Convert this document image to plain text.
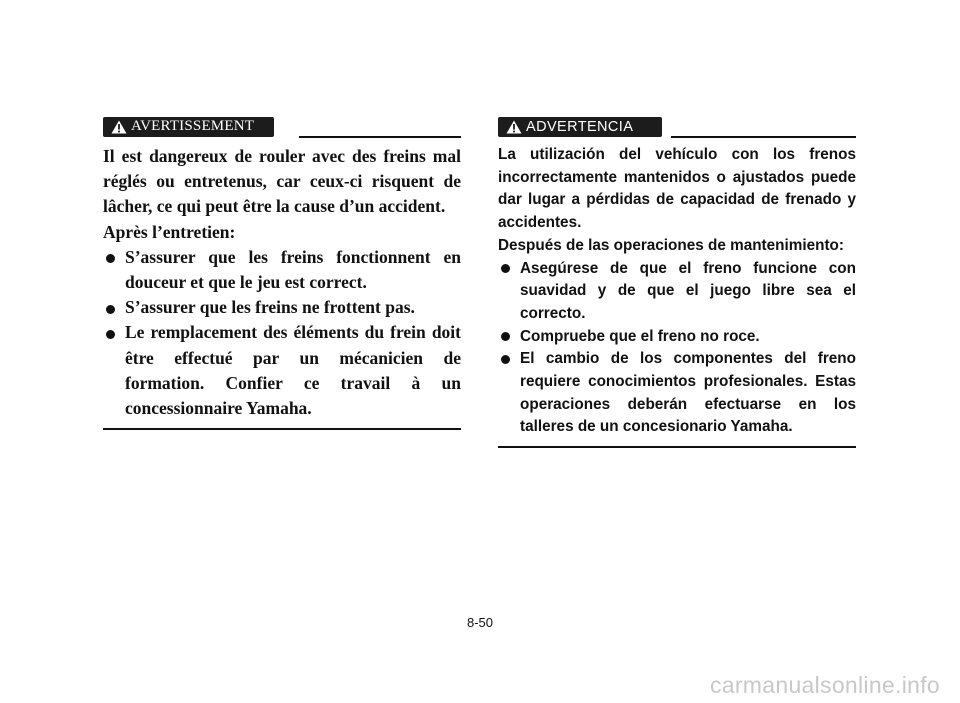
AVERTISSEMENT

Il est dangereux de rouler avec des freins mal réglés ou entretenus, car ceux-ci risquent de lâcher, ce qui peut être la cause d’un accident.

Après l’entretien:

S’assurer que les freins fonctionnent en douceur et que le jeu est correct.
S’assurer que les freins ne frottent pas.
Le remplacement des éléments du frein doit être effectué par un mécanicien de formation. Confier ce travail à un concessionnaire Yamaha.
ADVERTENCIA

La utilización del vehículo con los frenos incorrectamente mantenidos o ajustados puede dar lugar a pérdidas de capacidad de frenado y accidentes.

Después de las operaciones de mantenimiento:

Asegúrese de que el freno funcione con suavidad y de que el juego libre sea el correcto.
Compruebe que el freno no roce.
El cambio de los componentes del freno requiere conocimientos profesionales. Estas operaciones deberán efectuarse en los talleres de un concesionario Yamaha.
8-50
carmanualsonline.info
